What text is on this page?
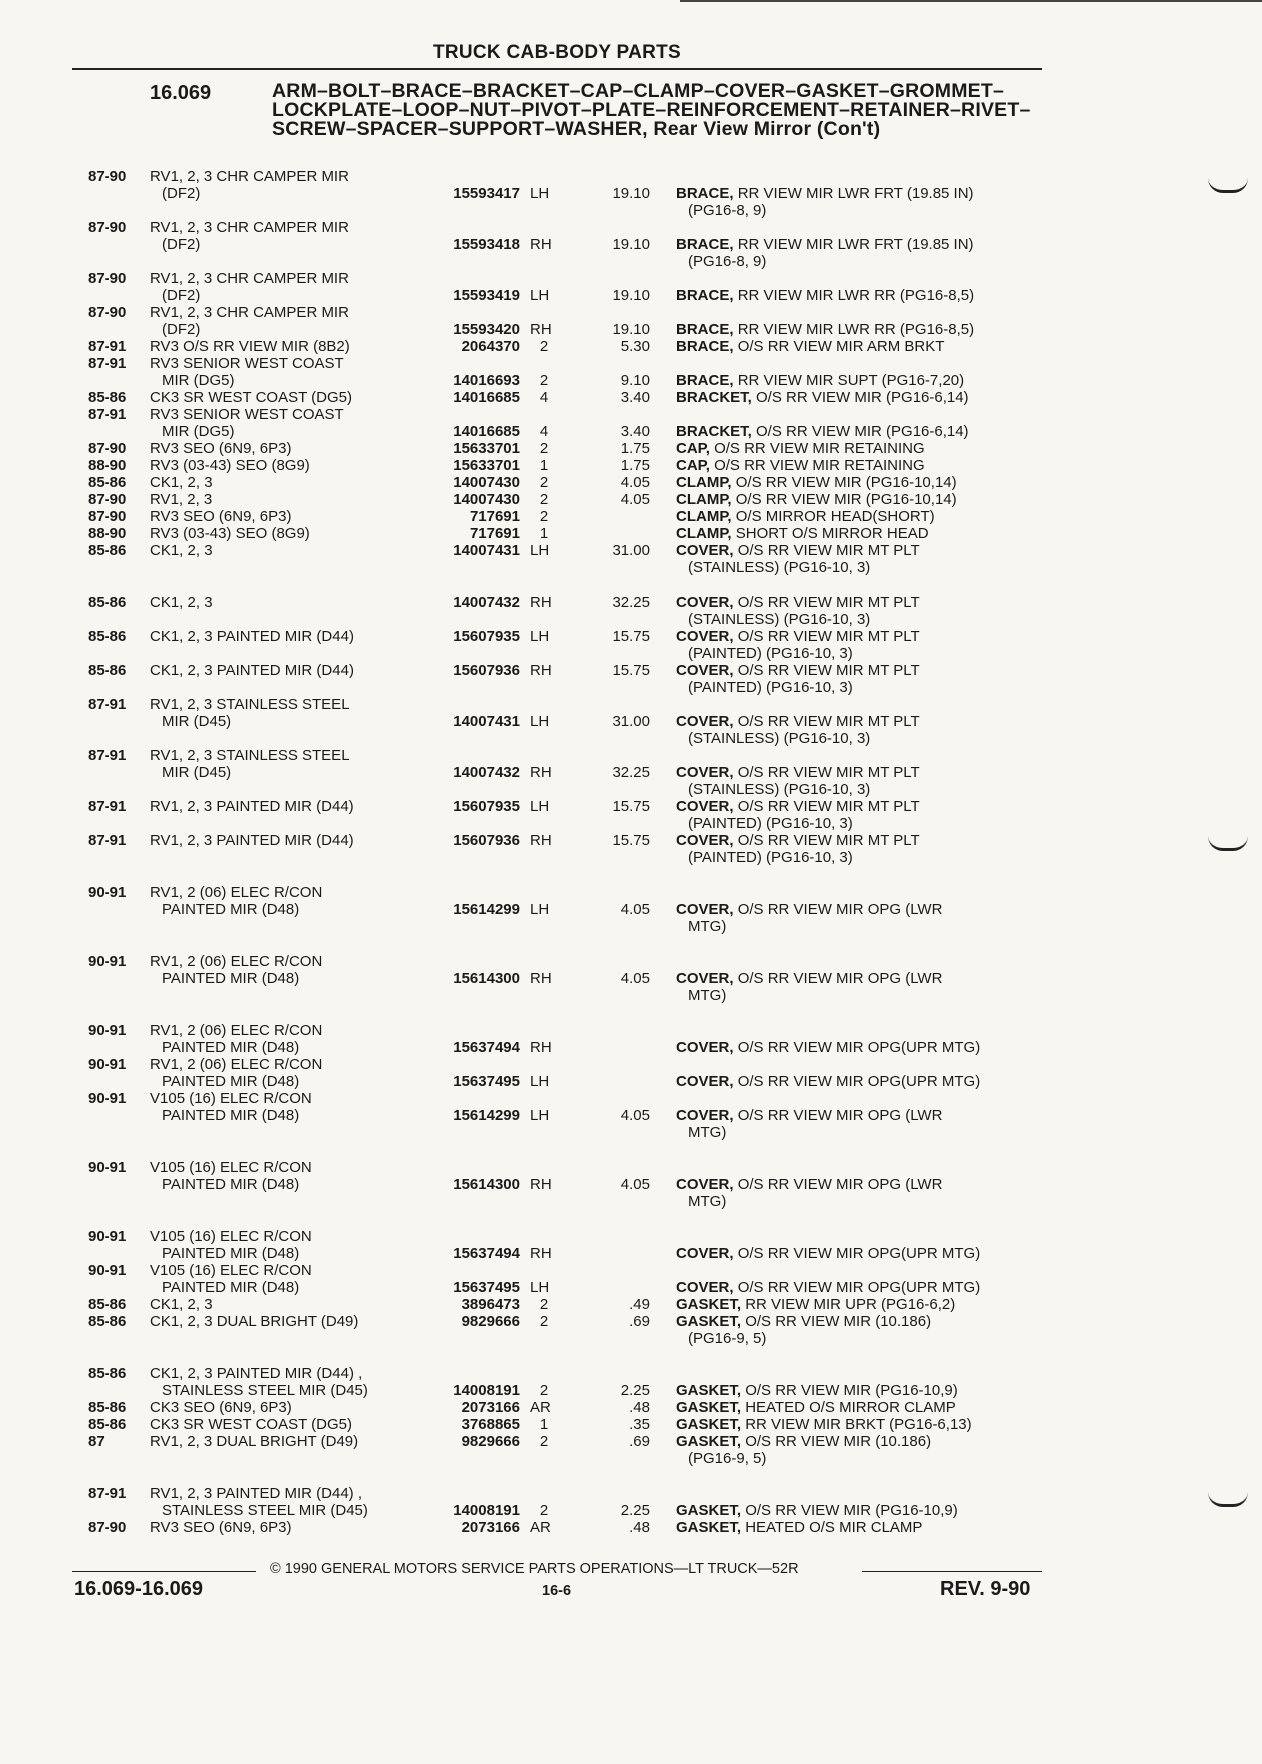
TRUCK CAB-BODY PARTS
16.069	ARM–BOLT–BRACE–BRACKET–CAP–CLAMP–COVER–GASKET–GROMMET–LOCKPLATE–LOOP–NUT–PIVOT–PLATE–REINFORCEMENT–RETAINER–RIVET–SCREW–SPACER–SUPPORT–WASHER, Rear View Mirror (Con't)
87-90 RV1, 2, 3 CHR CAMPER MIR
(DF2)	15593417 LH	19.10 BRACE, RR VIEW MIR LWR FRT (19.85 IN)
(PG16-8, 9)
87-90 RV1, 2, 3 CHR CAMPER MIR
(DF2)	15593418 RH	19.10 BRACE, RR VIEW MIR LWR FRT (19.85 IN)
(PG16-8, 9)
87-90 RV1, 2, 3 CHR CAMPER MIR
(DF2)	15593419 LH	19.10 BRACE, RR VIEW MIR LWR RR (PG16-8,5)
87-90 RV1, 2, 3 CHR CAMPER MIR
(DF2)	15593420 RH	19.10 BRACE, RR VIEW MIR LWR RR (PG16-8,5)
87-91 RV3 O/S RR VIEW MIR (8B2)	2064370	2	5.30 BRACE, O/S RR VIEW MIR ARM BRKT
87-91 RV3 SENIOR WEST COAST
MIR (DG5)	14016693	2	9.10 BRACE, RR VIEW MIR SUPT (PG16-7,20)
85-86 CK3 SR WEST COAST (DG5)	14016685	4	3.40 BRACKET, O/S RR VIEW MIR (PG16-6,14)
87-91 RV3 SENIOR WEST COAST
MIR (DG5)	14016685	4	3.40 BRACKET, O/S RR VIEW MIR (PG16-6,14)
87-90 RV3 SEO (6N9, 6P3)	15633701	2	1.75 CAP, O/S RR VIEW MIR RETAINING
88-90 RV3 (03-43) SEO (8G9)	15633701	1	1.75 CAP, O/S RR VIEW MIR RETAINING
85-86 CK1, 2, 3	14007430	2	4.05 CLAMP, O/S RR VIEW MIR (PG16-10,14)
87-90 RV1, 2, 3	14007430	2	4.05 CLAMP, O/S RR VIEW MIR (PG16-10,14)
87-90 RV3 SEO (6N9, 6P3)	717691	2	CLAMP, O/S MIRROR HEAD(SHORT)
88-90 RV3 (03-43) SEO (8G9)	717691	1	CLAMP, SHORT O/S MIRROR HEAD
85-86 CK1, 2, 3	14007431 LH	31.00 COVER, O/S RR VIEW MIR MT PLT
(STAINLESS) (PG16-10, 3)
85-86 CK1, 2, 3	14007432 RH	32.25 COVER, O/S RR VIEW MIR MT PLT
(STAINLESS) (PG16-10, 3)
85-86 CK1, 2, 3 PAINTED MIR (D44)	15607935 LH	15.75 COVER, O/S RR VIEW MIR MT PLT
(PAINTED) (PG16-10, 3)
85-86 CK1, 2, 3 PAINTED MIR (D44)	15607936 RH	15.75 COVER, O/S RR VIEW MIR MT PLT
(PAINTED) (PG16-10, 3)
87-91 RV1, 2, 3 STAINLESS STEEL
MIR (D45)	14007431 LH	31.00 COVER, O/S RR VIEW MIR MT PLT
(STAINLESS) (PG16-10, 3)
87-91 RV1, 2, 3 STAINLESS STEEL
MIR (D45)	14007432 RH	32.25 COVER, O/S RR VIEW MIR MT PLT
(STAINLESS) (PG16-10, 3)
87-91 RV1, 2, 3 PAINTED MIR (D44)	15607935 LH	15.75 COVER, O/S RR VIEW MIR MT PLT
(PAINTED) (PG16-10, 3)
87-91 RV1, 2, 3 PAINTED MIR (D44)	15607936 RH	15.75 COVER, O/S RR VIEW MIR MT PLT
(PAINTED) (PG16-10, 3)
90-91 RV1, 2 (06) ELEC R/CON
PAINTED MIR (D48)	15614299 LH	4.05 COVER, O/S RR VIEW MIR OPG (LWR
MTG)
90-91 RV1, 2 (06) ELEC R/CON
PAINTED MIR (D48)	15614300 RH	4.05 COVER, O/S RR VIEW MIR OPG (LWR
MTG)
90-91 RV1, 2 (06) ELEC R/CON
PAINTED MIR (D48)	15637494 RH	COVER, O/S RR VIEW MIR OPG(UPR MTG)
90-91 RV1, 2 (06) ELEC R/CON
PAINTED MIR (D48)	15637495 LH	COVER, O/S RR VIEW MIR OPG(UPR MTG)
90-91 V105 (16) ELEC R/CON
PAINTED MIR (D48)	15614299 LH	4.05 COVER, O/S RR VIEW MIR OPG (LWR
MTG)
90-91 V105 (16) ELEC R/CON
PAINTED MIR (D48)	15614300 RH	4.05 COVER, O/S RR VIEW MIR OPG (LWR
MTG)
90-91 V105 (16) ELEC R/CON
PAINTED MIR (D48)	15637494 RH	COVER, O/S RR VIEW MIR OPG(UPR MTG)
90-91 V105 (16) ELEC R/CON
PAINTED MIR (D48)	15637495 LH	COVER, O/S RR VIEW MIR OPG(UPR MTG)
85-86 CK1, 2, 3	3896473	2	.49 GASKET, RR VIEW MIR UPR (PG16-6,2)
85-86 CK1, 2, 3 DUAL BRIGHT (D49)	9829666	2	.69 GASKET, O/S RR VIEW MIR (10.186)
(PG16-9, 5)
85-86 CK1, 2, 3 PAINTED MIR (D44) ,
STAINLESS STEEL MIR (D45)	14008191	2	2.25 GASKET, O/S RR VIEW MIR (PG16-10,9)
85-86 CK3 SEO (6N9, 6P3)	2073166 AR	.48 GASKET, HEATED O/S MIRROR CLAMP
85-86 CK3 SR WEST COAST (DG5)	3768865	1	.35 GASKET, RR VIEW MIR BRKT (PG16-6,13)
87	RV1, 2, 3 DUAL BRIGHT (D49)	9829666	2	.69 GASKET, O/S RR VIEW MIR (10.186)
(PG16-9, 5)
87-91 RV1, 2, 3 PAINTED MIR (D44) ,
STAINLESS STEEL MIR (D45)	14008191	2	2.25 GASKET, O/S RR VIEW MIR (PG16-10,9)
87-90 RV3 SEO (6N9, 6P3)	2073166 AR	.48 GASKET, HEATED O/S MIR CLAMP
© 1990 GENERAL MOTORS SERVICE PARTS OPERATIONS—LT TRUCK—52R
16.069-16.069	16-6	REV. 9-90
